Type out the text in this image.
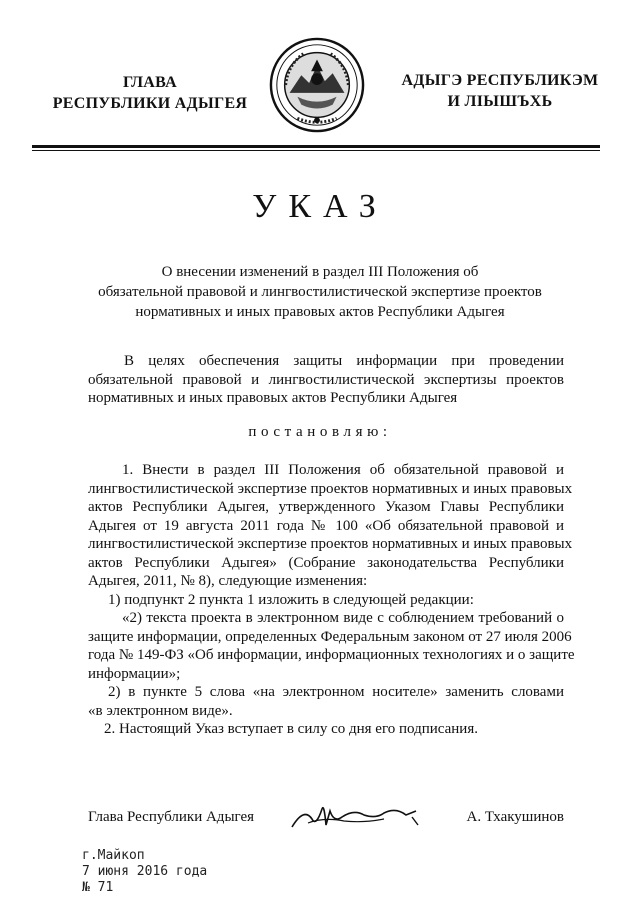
ГЛАВА
РЕСПУБЛИКИ АДЫГЕЯ
АДЫГЭ РЕСПУБЛИКЭМ
И ЛІЫШЪХЬ
УКАЗ
О внесении изменений в раздел III Положения об
обязательной правовой и лингвостилистической экспертизе проектов
нормативных и иных правовых актов Республики Адыгея
В целях обеспечения защиты информации при проведении
обязательной правовой и лингвостилистической экспертизы проектов
нормативных и иных правовых актов Республики Адыгея
постановляю:
1. Внести в раздел III Положения об обязательной правовой и
лингвостилистической экспертизе проектов нормативных и иных правовых
актов Республики Адыгея, утвержденного Указом Главы Республики
Адыгея от 19 августа 2011 года № 100 «Об обязательной правовой и
лингвостилистической экспертизе проектов нормативных и иных правовых
актов Республики Адыгея» (Собрание законодательства Республики
Адыгея, 2011, № 8), следующие изменения:
1) подпункт 2 пункта 1 изложить в следующей редакции:
«2) текста проекта в электронном виде с соблюдением требований о
защите информации, определенных Федеральным законом от 27 июля 2006
года № 149-ФЗ «Об информации, информационных технологиях и о защите
информации»;
2) в пункте 5 слова «на электронном носителе» заменить словами
«в электронном виде».
2. Настоящий Указ вступает в силу со дня его подписания.
Глава Республики Адыгея	А. Тхакушинов
г.Майкоп
7 июня 2016 года
№ 71
